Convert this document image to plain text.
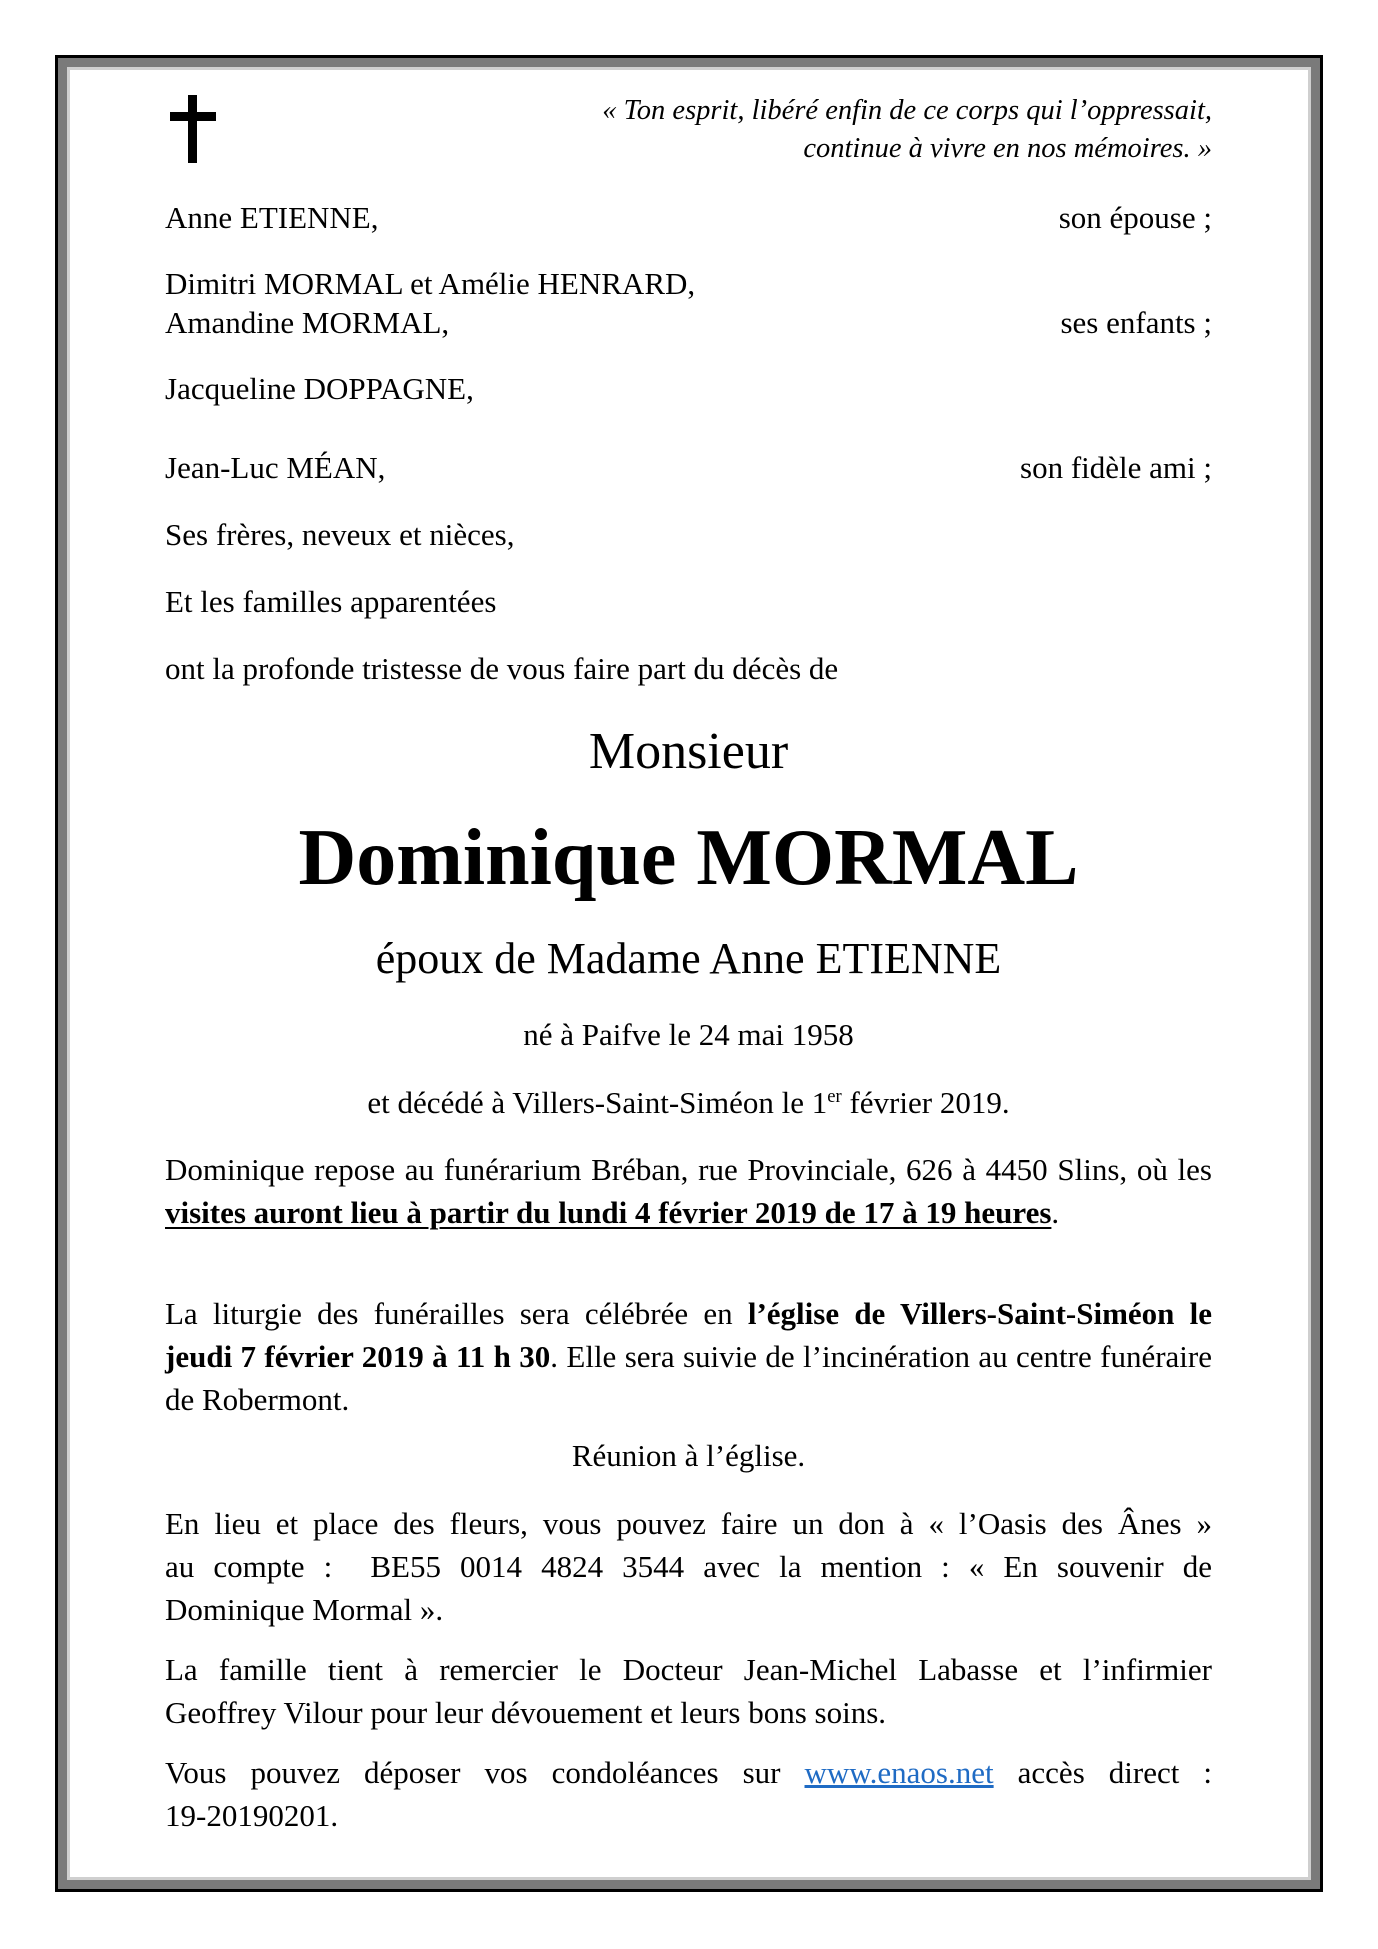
« Ton esprit, libéré enfin de ce corps qui l’oppressait,
continue à vivre en nos mémoires. »
Anne ETIENNE,	son épouse ;
Dimitri MORMAL et Amélie HENRARD,
Amandine MORMAL,	ses enfants ;
Jacqueline DOPPAGNE,
Jean-Luc MÉAN,	son fidèle ami ;
Ses frères, neveux et nièces,
Et les familles apparentées
ont la profonde tristesse de vous faire part du décès de
Monsieur
Dominique MORMAL
époux de Madame Anne ETIENNE
né à Paifve le 24 mai 1958
et décédé à Villers-Saint-Siméon le 1er février 2019.
Dominique repose au funérarium Bréban, rue Provinciale, 626 à 4450 Slins, où les visites auront lieu à partir du lundi 4 février 2019 de 17 à 19 heures.
La liturgie des funérailles sera célébrée en l’église de Villers-Saint-Siméon le jeudi 7 février 2019 à 11 h 30. Elle sera suivie de l’incinération au centre funéraire de Robermont.
Réunion à l’église.
En lieu et place des fleurs, vous pouvez faire un don à « l’Oasis des Ânes »
au compte :  BE55 0014 4824 3544 avec la mention : « En souvenir de
Dominique Mormal ».
La famille tient à remercier le Docteur Jean-Michel Labasse et l’infirmier
Geoffrey Vilour pour leur dévouement et leurs bons soins.
Vous pouvez déposer vos condoléances sur www.enaos.net accès direct :
19-20190201.
